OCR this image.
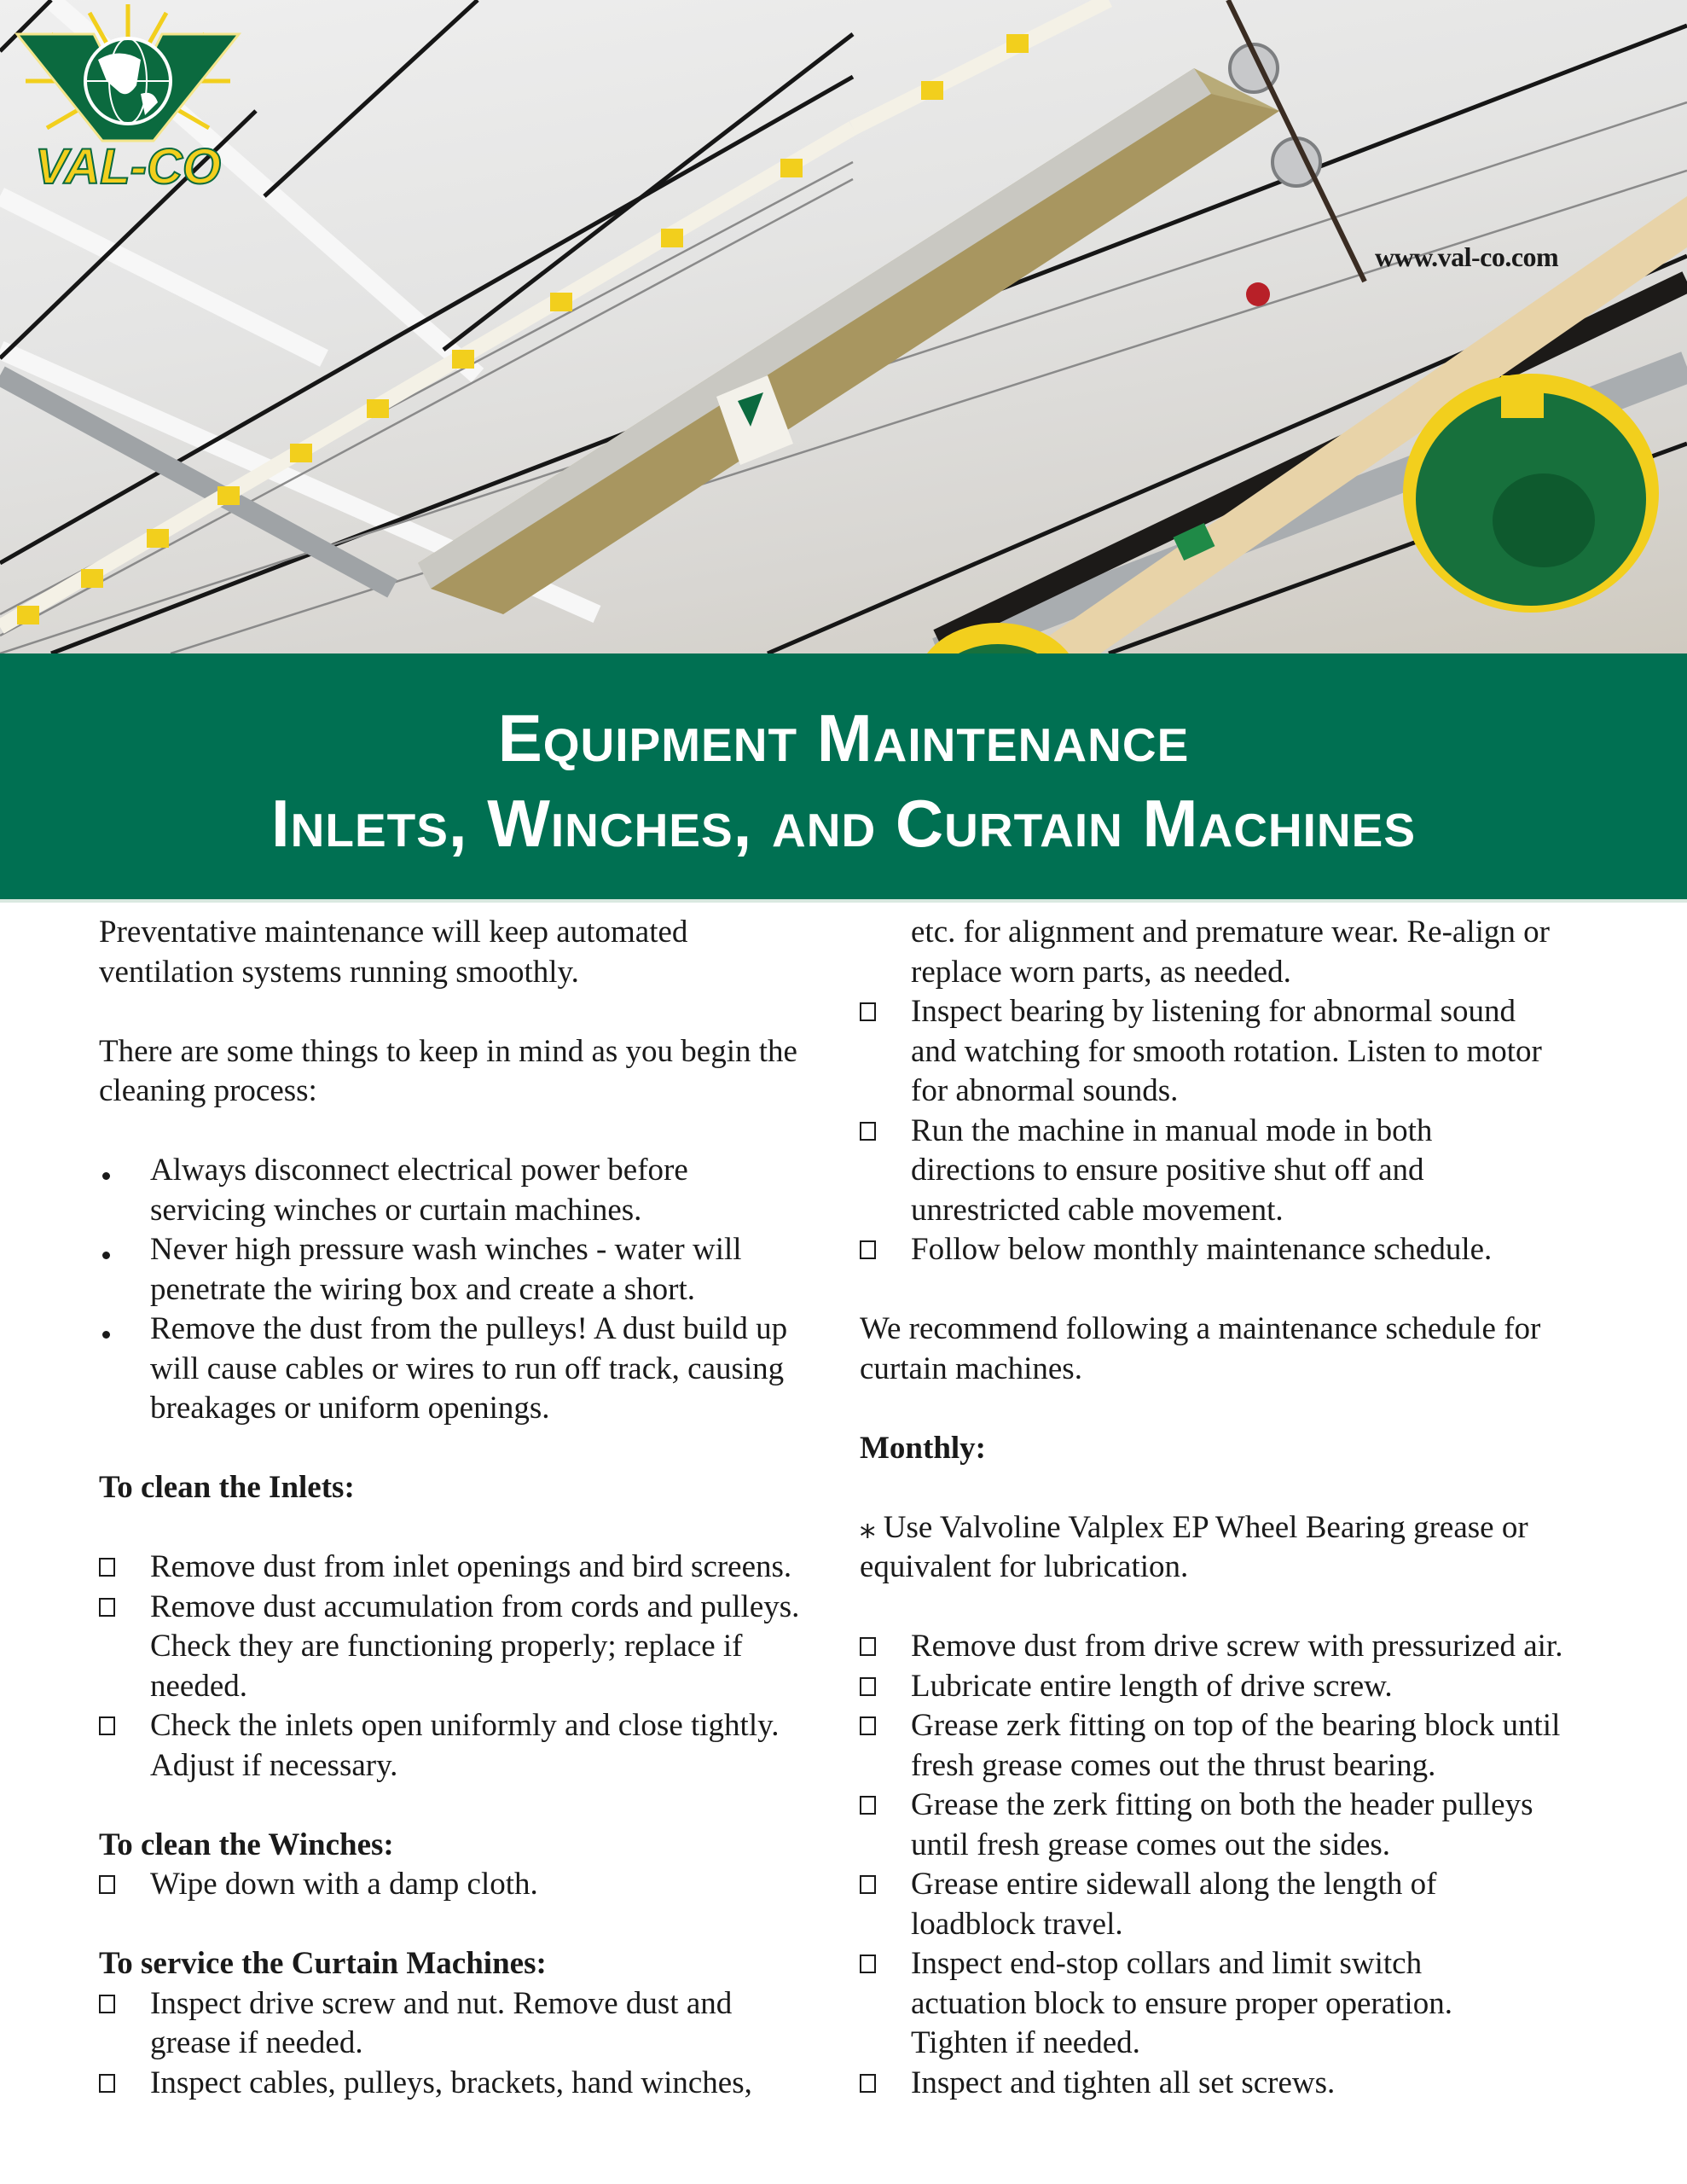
VAL-CO
www.val-co.com
Equipment Maintenance
Inlets, Winches, and Curtain Machines

Preventative maintenance will keep automated
ventilation systems running smoothly.

There are some things to keep in mind as you begin the
cleaning process:

Always disconnect electrical power before
servicing winches or curtain machines.
Never high pressure wash winches - water will
penetrate the wiring box and create a short.
Remove the dust from the pulleys! A dust build up
will cause cables or wires to run off track, causing
breakages or uniform openings.

To clean the Inlets:

Remove dust from inlet openings and bird screens.
Remove dust accumulation from cords and pulleys.
Check they are functioning properly; replace if
needed.
Check the inlets open uniformly and close tightly.
Adjust if necessary.

To clean the Winches:

Wipe down with a damp cloth.

To service the Curtain Machines:

Inspect drive screw and nut. Remove dust and
grease if needed.
Inspect cables, pulleys, brackets, hand winches,
etc. for alignment and premature wear. Re-align or
replace worn parts, as needed.
Inspect bearing by listening for abnormal sound
and watching for smooth rotation. Listen to motor
for abnormal sounds.
Run the machine in manual mode in both
directions to ensure positive shut off and
unrestricted cable movement.
Follow below monthly maintenance schedule.

We recommend following a maintenance schedule for
curtain machines.

Monthly:

⁎ Use Valvoline Valplex EP Wheel Bearing grease or
equivalent for lubrication.

Remove dust from drive screw with pressurized air.
Lubricate entire length of drive screw.
Grease zerk fitting on top of the bearing block until
fresh grease comes out the thrust bearing.
Grease the zerk fitting on both the header pulleys
until fresh grease comes out the sides.
Grease entire sidewall along the length of
loadblock travel.
Inspect end-stop collars and limit switch
actuation block to ensure proper operation.
Tighten if needed.
Inspect and tighten all set screws.
